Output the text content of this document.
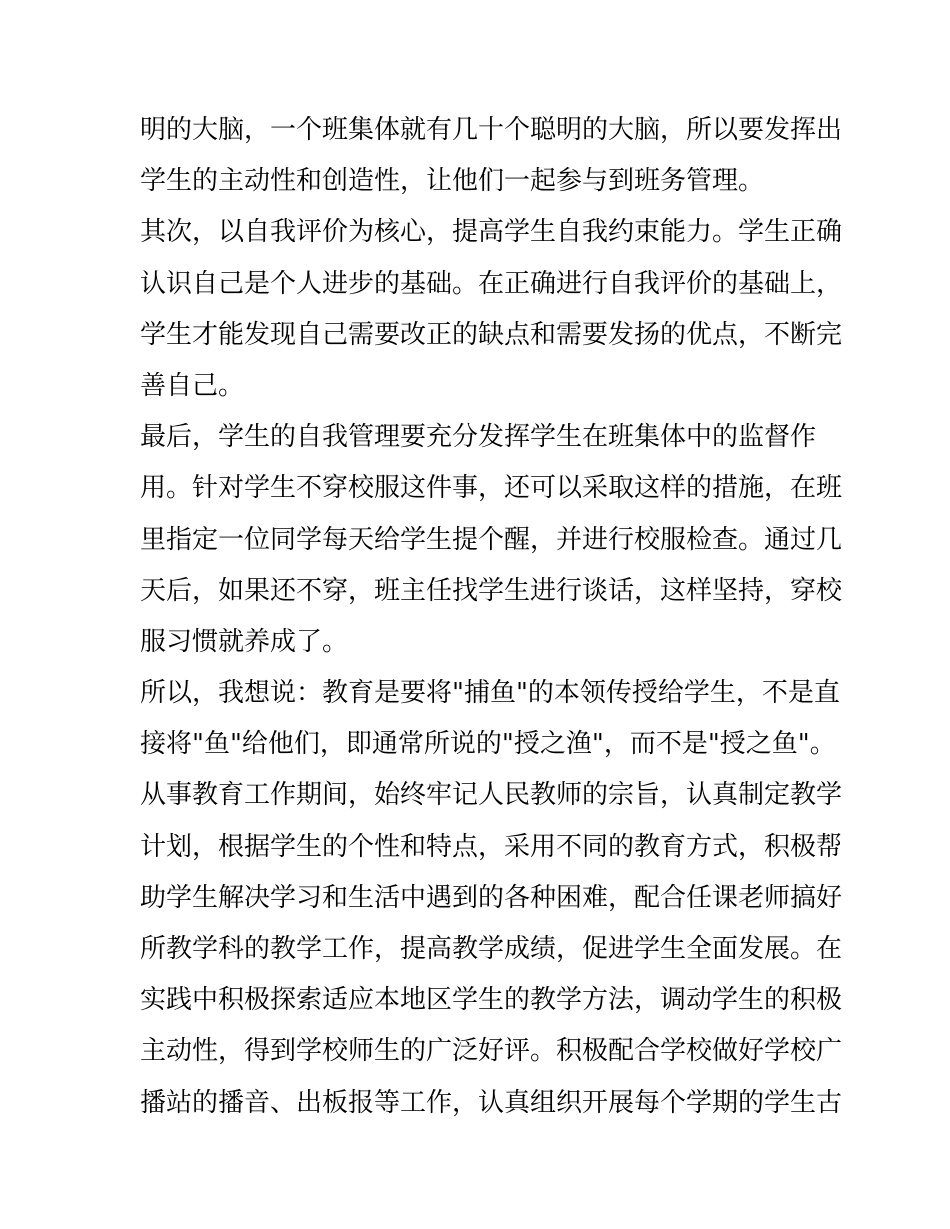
明的大脑，一个班集体就有几十个聪明的大脑，所以要发挥出
学生的主动性和创造性，让他们一起参与到班务管理。
其次，以自我评价为核心，提高学生自我约束能力。学生正确
认识自己是个人进步的基础。在正确进行自我评价的基础上，
学生才能发现自己需要改正的缺点和需要发扬的优点，不断完
善自己。
最后，学生的自我管理要充分发挥学生在班集体中的监督作
用。针对学生不穿校服这件事，还可以采取这样的措施，在班
里指定一位同学每天给学生提个醒，并进行校服检查。通过几
天后，如果还不穿，班主任找学生进行谈话，这样坚持，穿校
服习惯就养成了。
所以，我想说：教育是要将"捕鱼"的本领传授给学生，不是直
接将"鱼"给他们，即通常所说的"授之渔"，而不是"授之鱼"。
从事教育工作期间，始终牢记人民教师的宗旨，认真制定教学
计划，根据学生的个性和特点，采用不同的教育方式，积极帮
助学生解决学习和生活中遇到的各种困难，配合任课老师搞好
所教学科的教学工作，提高教学成绩，促进学生全面发展。在
实践中积极探索适应本地区学生的教学方法，调动学生的积极
主动性，得到学校师生的广泛好评。积极配合学校做好学校广
播站的播音、出板报等工作，认真组织开展每个学期的学生古
